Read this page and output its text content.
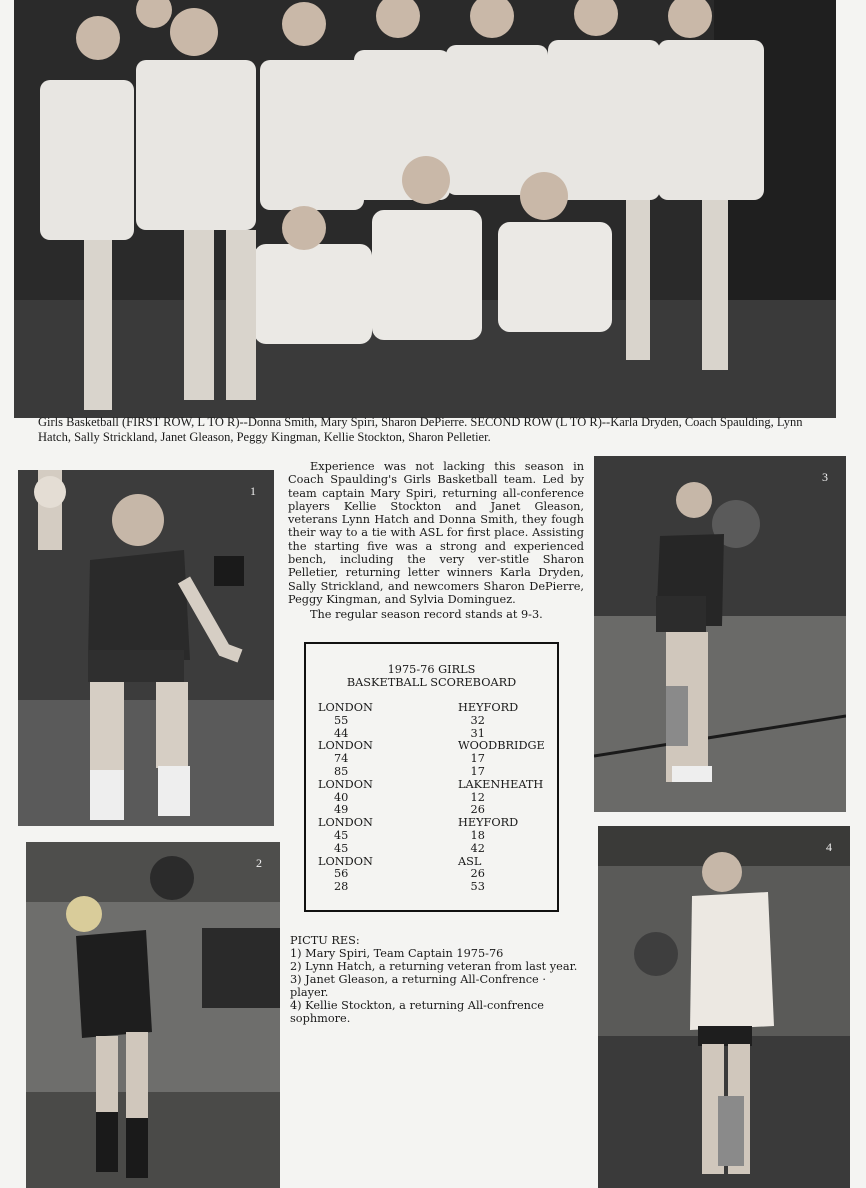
Girls Basketball (FIRST ROW, L TO R)--Donna Smith, Mary Spiri, Sharon DePierre. SECOND ROW (L TO R)--Karla Dryden, Coach Spaulding, Lynn Hatch, Sally Strickland, Janet Gleason, Peggy Kingman, Kellie Stockton, Sharon Pelletier.
1
2
3
4

Experience was not lacking this season in Coach Spaulding's Girls Basketball team. Led by team captain Mary Spiri, returning all-conference players Kellie Stockton and Janet Gleason, veterans Lynn Hatch and Donna Smith, they fough their way to a tie with ASL for first place. Assisting the starting five was a strong and experienced bench, including the very ver-stitle Sharon Pelletier, returning letter winners Karla Dryden, Sally Strickland, and newcomers Sharon DePierre, Peggy Kingman, and Sylvia Dominguez.

The regular season record stands at 9-3.

1975-76 GIRLS
BASKETBALL SCOREBOARD
LONDON	HEYFORD
55	32
44	31
LONDON	WOODBRIDGE
74	17
85	17
LONDON	LAKENHEATH
40	12
49	26
LONDON	HEYFORD
45	18
45	42
LONDON	ASL
56	26
28	53
PICTU RES:
1) Mary Spiri, Team Captain 1975-76
2) Lynn Hatch, a returning veteran from last year.
3) Janet Gleason, a returning All-Confrence ·
player.
4) Kellie Stockton, a returning All-confrence
sophmore.
